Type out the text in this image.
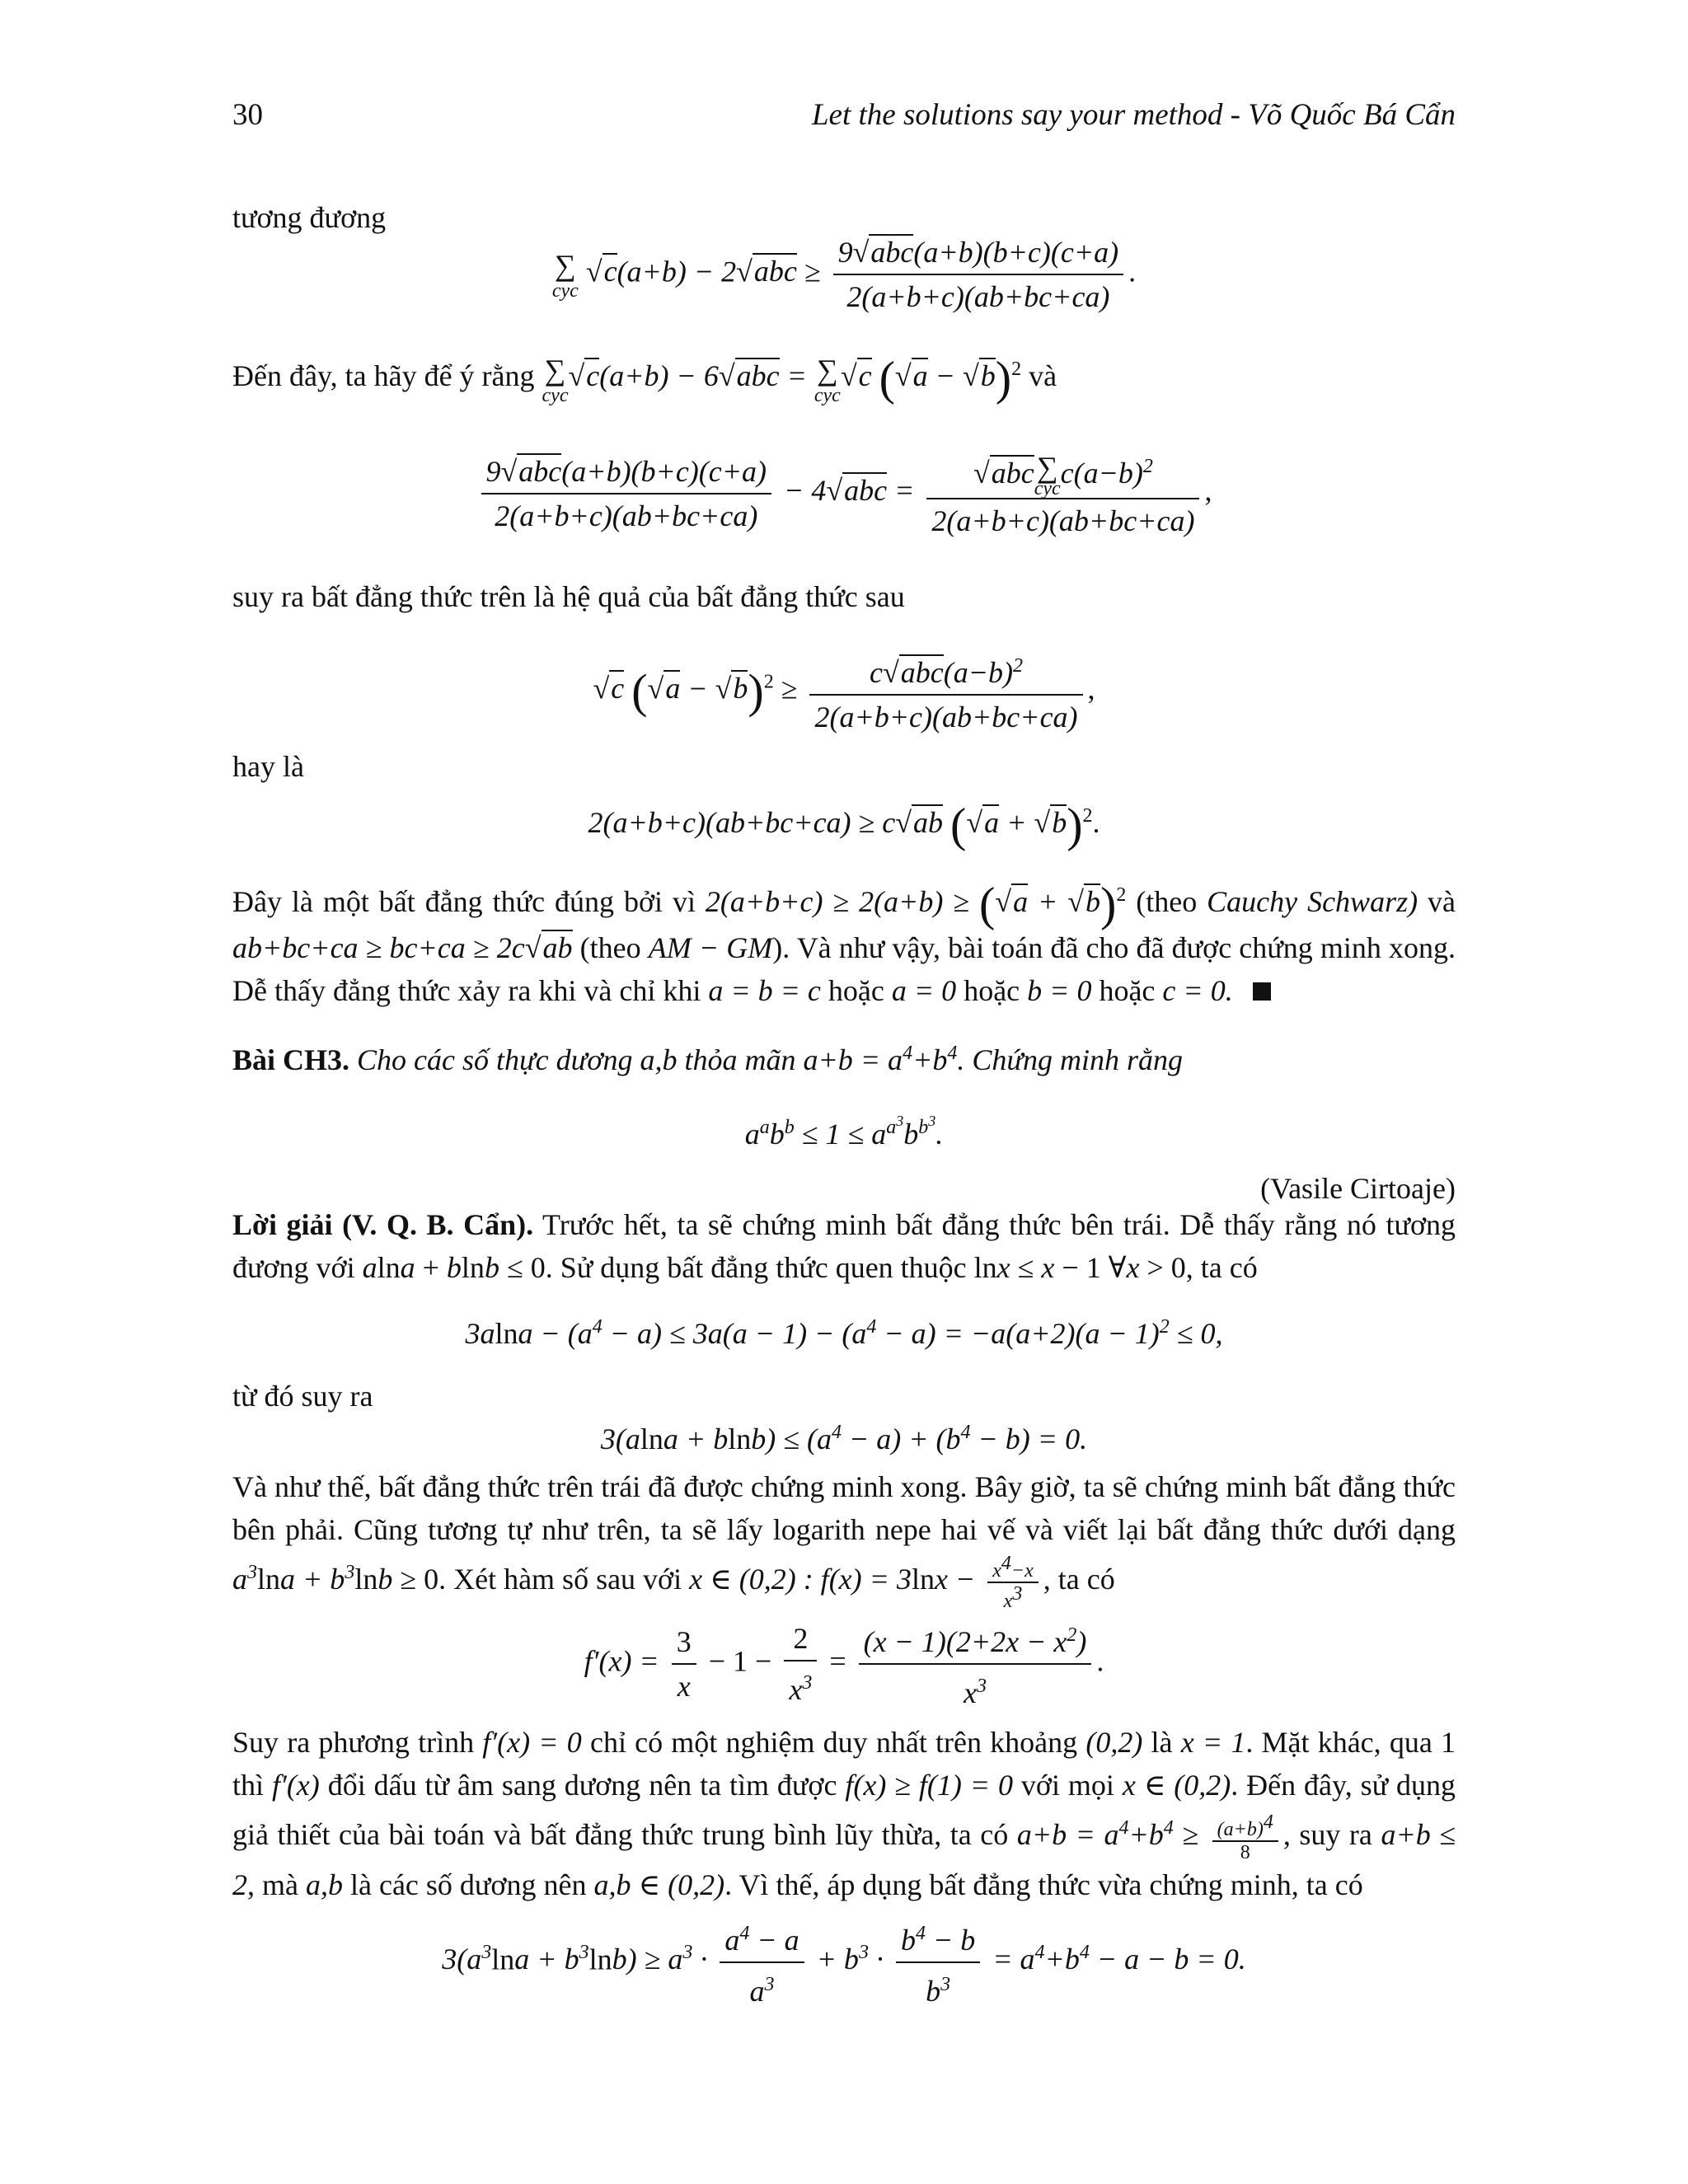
30	Let the solutions say your method - Võ Quốc Bá Cẩn
tương đương
∑
cyc
$√c(a+b) - 2√abc \ge \frac{\text{9√abc(a+b)(b+c)(c+a)}}{2(a+b+c)(ab+bc+ca)}$ .
Đến đây, ta hãy để ý rằng ∑
cyc
√c(a+b) − 6√abc = ∑
cyc
√c $(√a - √b)^2$ và
$\frac{\text{9√abc(a+b)(b+c)(c+a)}}{2(a+b+c)(ab+bc+ca)} - 4√abc = √abc$ ∑
cyc $c(a-b)^2$
2(a+b+c)(ab+bc+ca) ,
suy ra bất đẳng thức trên là hệ quả của bất đẳng thức sau
√c $(√a - √b)^2 \ge \frac{c√abc(a-b)^2}{2(a+b+c)(ab+bc+ca)}$ ,
hay là
2(a+b+c)(ab+bc+ca) ≥ c√ab $(√a + √b)^2$.
Đây là một bất đẳng thức đúng bởi vì $2(a+b+c) \ge 2(a+b) \ge (√a + √b)^2$ (theo Cauchy Schwarz) và ab+bc+ca ≥ bc+ca ≥ 2c√ab (theo AM − GM). Và như vậy, bài toán đã cho đã được chứng minh xong. Dễ thấy đẳng thức xảy ra khi và chỉ khi a = b = c hoặc a = 0 hoặc b = 0 hoặc c = 0.
Bài CH3. Cho các số thực dương a,b thỏa mãn $a+b = a^4+b^4$. Chứng minh rằng
$a^ab^b \le 1 \le a^{a^3}b^{b^3}$.
(Vasile Cirtoaje)
Lời giải (V. Q. B. Cẩn). Trước hết, ta sẽ chứng minh bất đẳng thức bên trái. Dễ thấy rằng nó tương đương với alna + blnb ≤ 0. Sử dụng bất đẳng thức quen thuộc lnx ≤ x − 1 ∀x > 0, ta có
$3alna - (a^4 - a) \le 3a(a - 1) - (a^4 - a) = -a(a+2)(a - 1)^2 \le 0$,
từ đó suy ra
$3(alna + blnb) \le (a^4 - a) + (b^4 - b) = 0$.
Và như thế, bất đẳng thức trên trái đã được chứng minh xong. Bây giờ, ta sẽ chứng minh bất đẳng thức bên phải. Cũng tương tự như trên, ta sẽ lấy logarith nepe hai vế và viết lại bất đẳng thức dưới dạng $a^3\ln a + b^3\ln b \ge 0$. Xét hàm số sau với x ∈ (0,2) : $f(x) = 3\ln x - \frac{x^4-x}{x^3}$ , ta có
$f'(x) = \frac{3}{x} - 1 - \frac{2}{x^3} = \frac{(x - 1)(2+2x - x^2)}{x^3}$ .
Suy ra phương trình f′(x) = 0 chỉ có một nghiệm duy nhất trên khoảng (0,2) là x = 1. Mặt khác, qua 1 thì f′(x) đổi dấu từ âm sang dương nên ta tìm được f(x) ≥ f(1) = 0 với mọi x ∈ (0,2). Đến đây, sử dụng giả thiết của bài toán và bất đẳng thức trung bình lũy thừa, ta có $a+b = a^4+b^4 \ge \frac{(a+b)^4}{8}$ , suy ra a+b ≤ 2, mà a,b là các số dương nên a,b ∈ (0,2). Vì thế, áp dụng bất đẳng thức vừa chứng minh, ta có
$3(a^3\ln a + b^3\ln b) \ge a^3 \cdot \frac{a^4 - a}{a^3} + b^3 \cdot \frac{b^4 - b}{b^3} = a^4+b^4 - a - b = 0$.
